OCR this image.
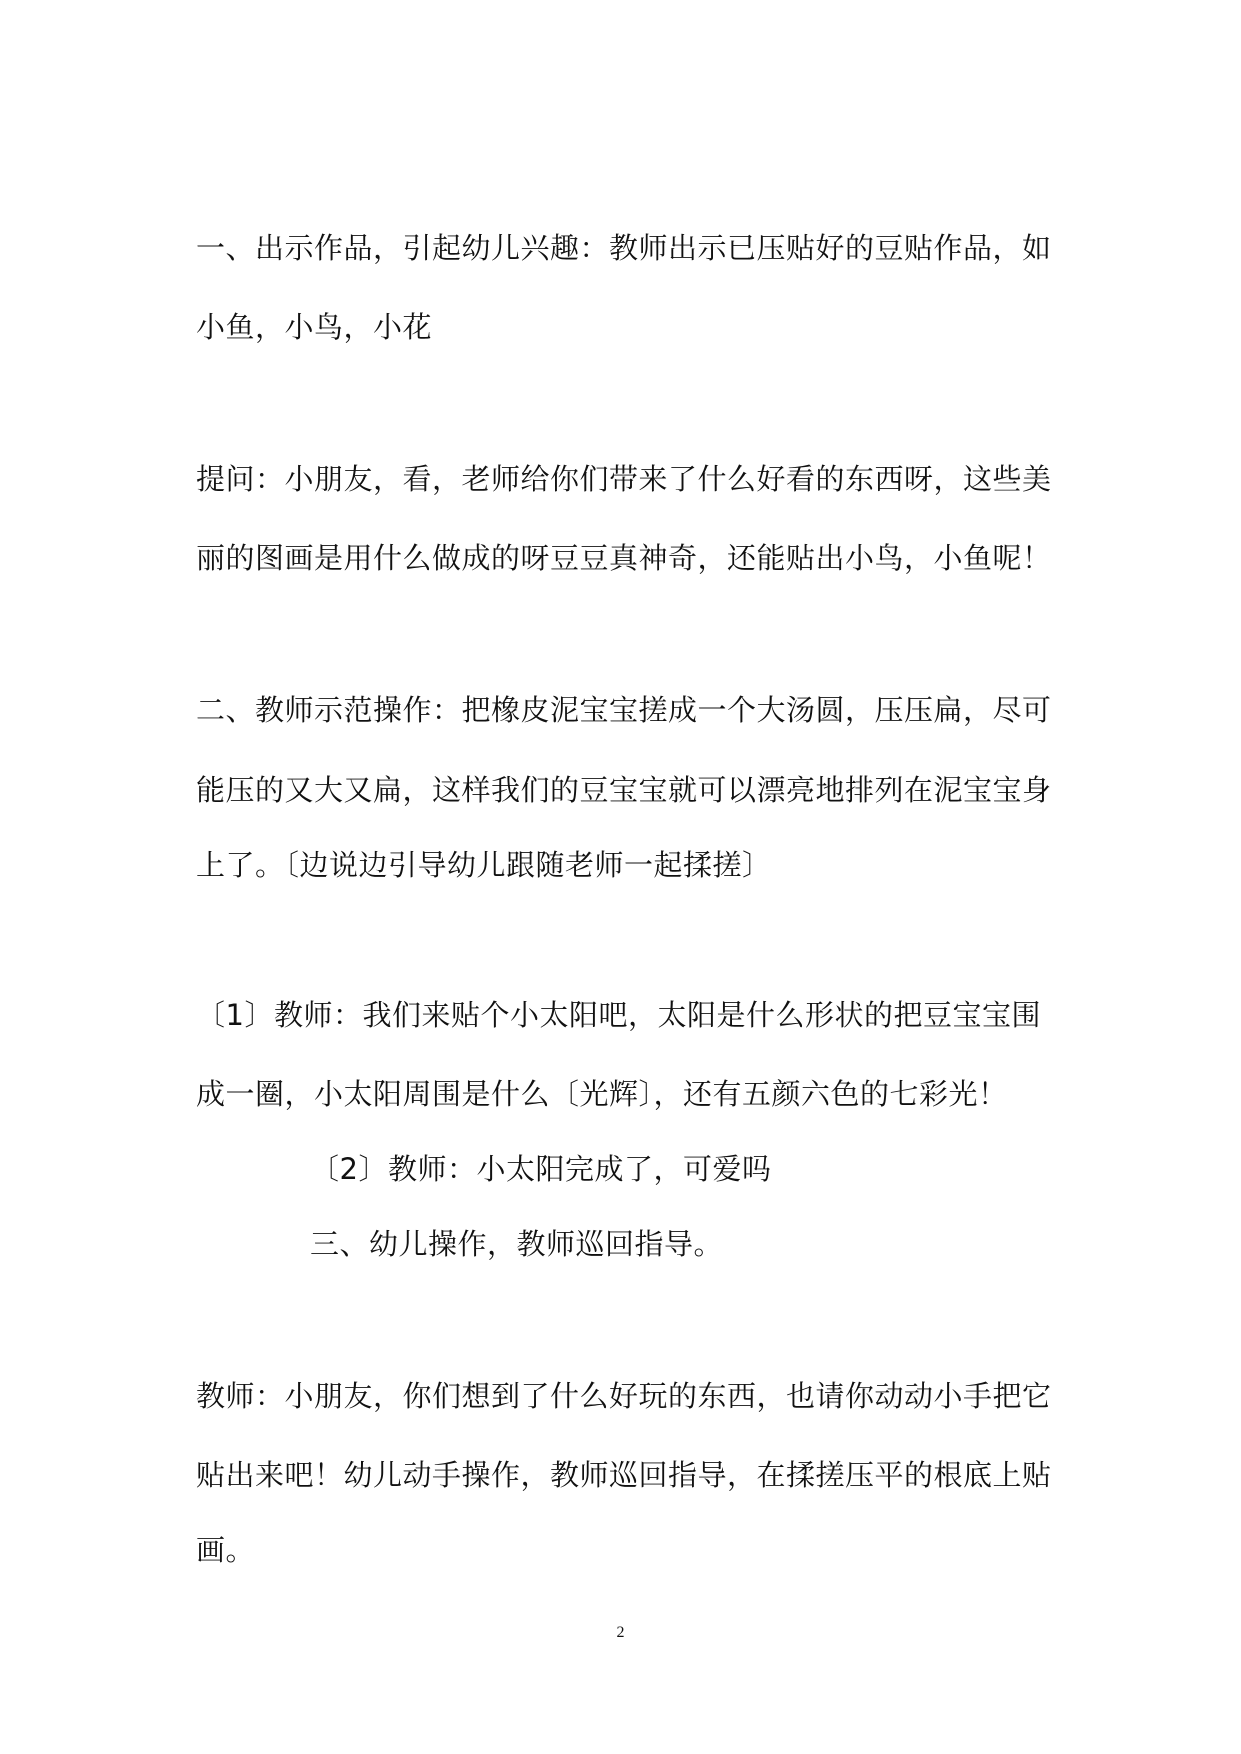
一、出示作品，引起幼儿兴趣：教师出示已压贴好的豆贴作品，如
小鱼，小鸟，小花
提问：小朋友，看，老师给你们带来了什么好看的东西呀，这些美
丽的图画是用什么做成的呀豆豆真神奇，还能贴出小鸟，小鱼呢！
二、教师示范操作：把橡皮泥宝宝搓成一个大汤圆，压压扁，尽可
能压的又大又扁，这样我们的豆宝宝就可以漂亮地排列在泥宝宝身
上了。〔边说边引导幼儿跟随老师一起揉搓〕
〔1〕教师：我们来贴个小太阳吧，太阳是什么形状的把豆宝宝围
成一圈，小太阳周围是什么〔光辉〕，还有五颜六色的七彩光！
〔2〕教师：小太阳完成了，可爱吗
三、幼儿操作，教师巡回指导。
教师：小朋友，你们想到了什么好玩的东西，也请你动动小手把它
贴出来吧！幼儿动手操作，教师巡回指导，在揉搓压平的根底上贴
画。
2
